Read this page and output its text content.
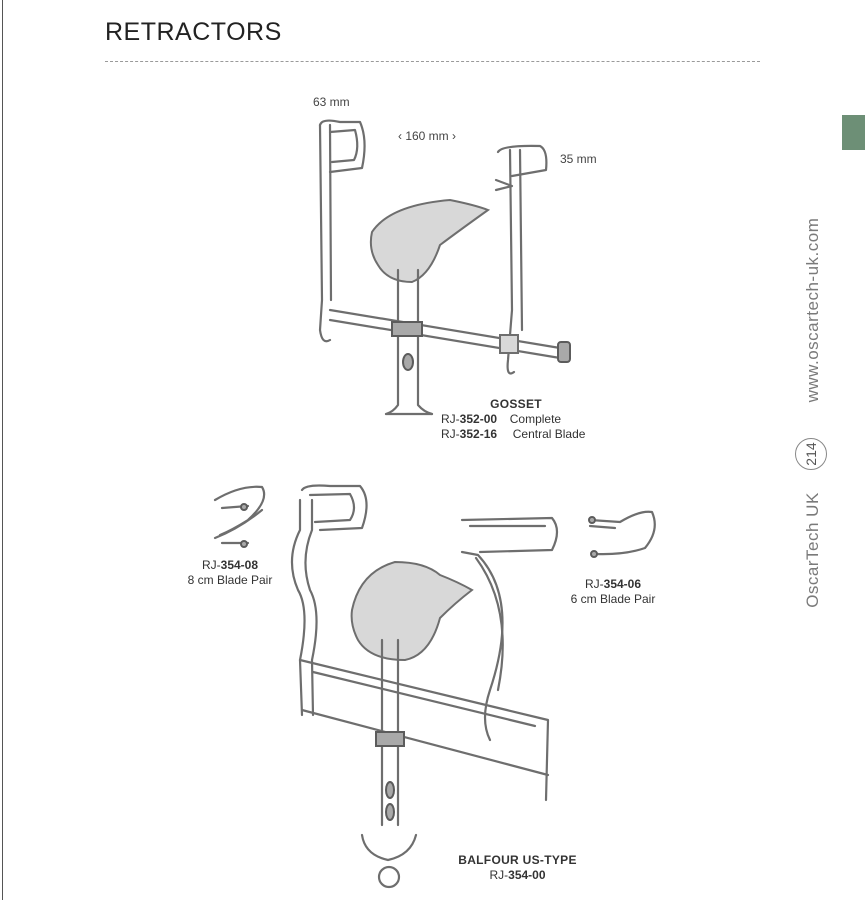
RETRACTORS
www.oscartech-uk.com
OscarTech UK
214
63 mm
‹ 160 mm ›
35 mm
GOSSET
RJ-352-00 Complete
RJ-352-16 Central Blade
RJ-354-08
8 cm Blade Pair	RJ-354-06
6 cm Blade Pair
BALFOUR US-TYPE
RJ-354-00
